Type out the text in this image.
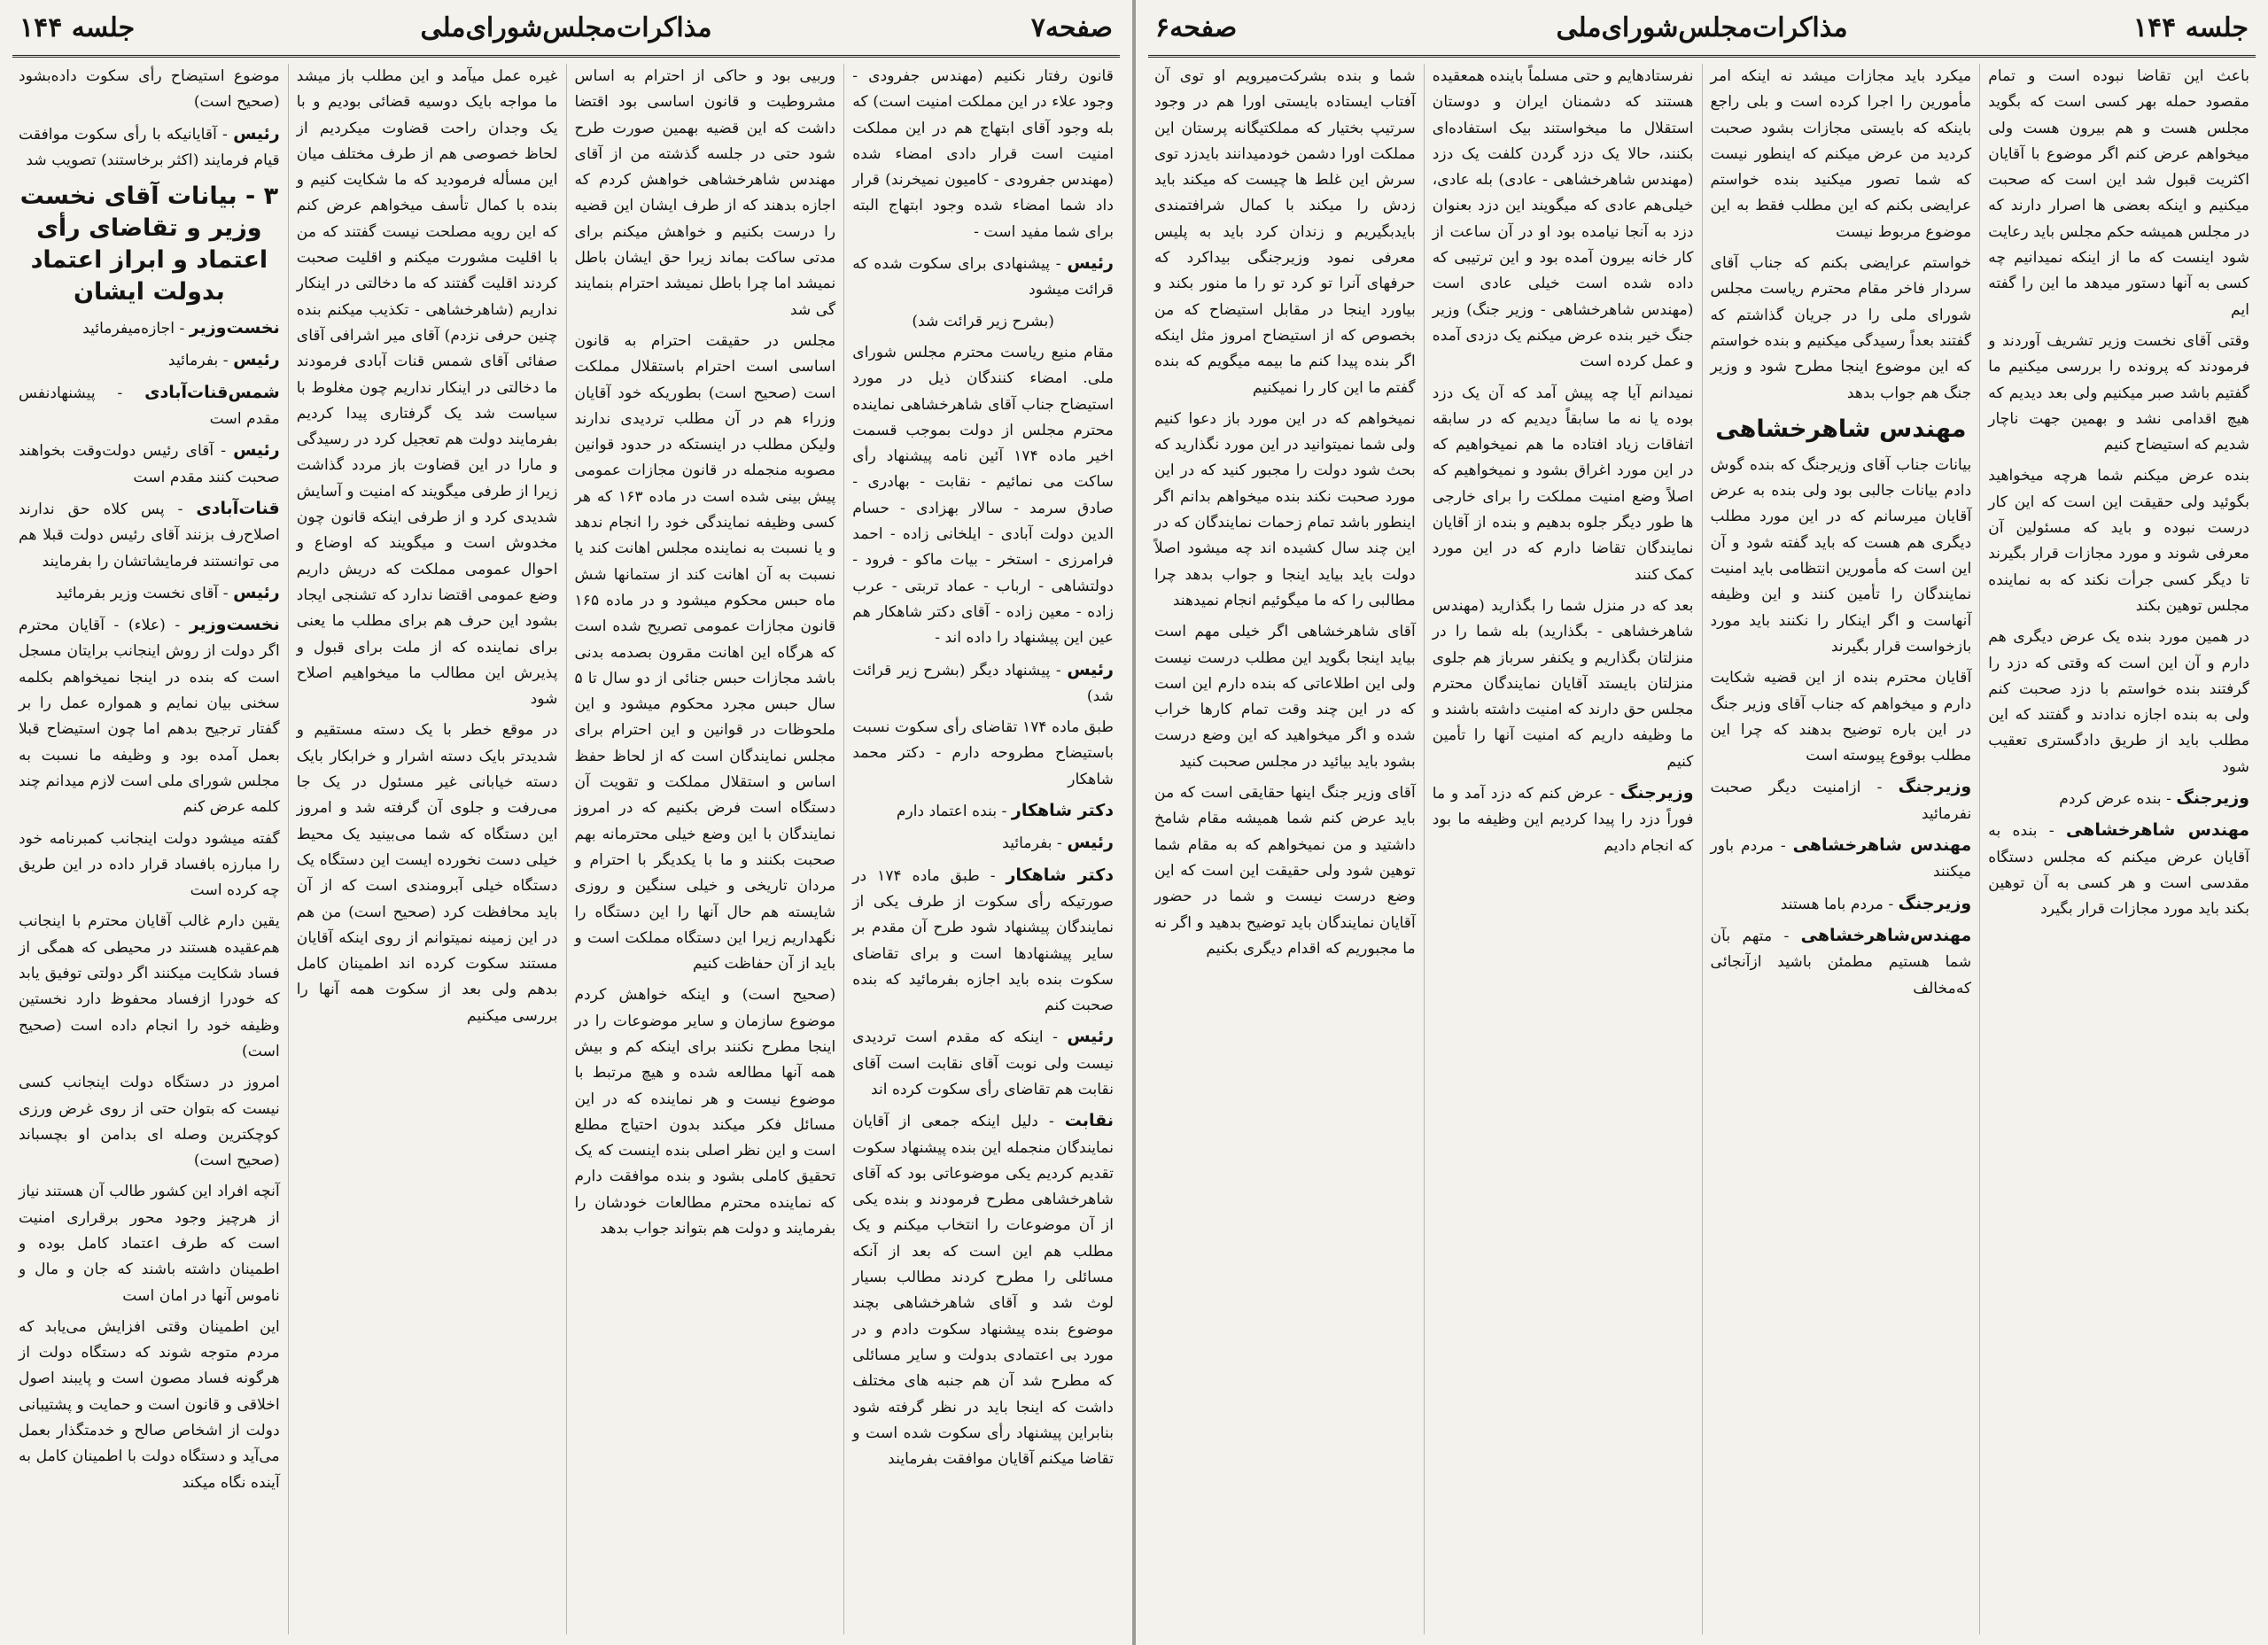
جلسه ۱۴۴	مذاکرات‌مجلس‌شورای‌ملی	صفحه۷

قانون رفتار نکنیم (مهندس جفرودی - وجود علاء در این مملکت امنیت است) که بله وجود آقای ابتهاج هم در این مملکت امنیت است قرار دادی امضاء شده (مهندس جفرودی - کامیون نمیخرند) قرار داد شما امضاء شده وجود ابتهاج البته برای شما مفید است -

رئیس - پیشنهادی برای سکوت شده که قرائت میشود

(بشرح زیر قرائت شد)

مقام منیع ریاست محترم مجلس شورای ملی. امضاء کنندگان ذیل در مورد استیضاح جناب آقای شاهرخشاهی نماینده محترم مجلس از دولت بموجب قسمت اخیر ماده ۱۷۴ آئین نامه پیشنهاد رأی ساکت می نمائیم - نقابت - بهادری - صادق سرمد - سالار بهزادی - حسام الدین دولت آبادی - ایلخانی زاده - احمد فرامرزی - استخر - بیات ماکو - فرود - دولتشاهی - ارباب - عماد تربتی - عرب زاده - معین زاده - آقای دکتر شاهکار هم عین این پیشنهاد را داده اند -

رئیس - پیشنهاد دیگر (بشرح زیر قرائت شد)

طبق ماده ۱۷۴ تقاضای رأی سکوت نسبت باستیضاح مطروحه دارم - دکتر محمد شاهکار

دکتر شاهکار - بنده اعتماد دارم

رئیس - بفرمائید

دکتر شاهکار - طبق ماده ۱۷۴ در صورتیکه رأی سکوت از طرف یکی از نمایندگان پیشنهاد شود طرح آن مقدم بر سایر پیشنهادها است و برای تقاضای سکوت بنده باید اجازه بفرمائید که بنده صحبت کنم

رئیس - اینکه که مقدم است تردیدی نیست ولی نوبت آقای نقابت است آقای نقابت هم تقاضای رأی سکوت کرده اند

نقابت - دلیل اینکه جمعی از آقایان نمایندگان منجمله این بنده پیشنهاد سکوت تقدیم کردیم یکی موضوعاتی بود که آقای شاهرخشاهی مطرح فرمودند و بنده یکی از آن موضوعات را انتخاب میکنم و یک مطلب هم این است که بعد از آنکه مسائلی را مطرح کردند مطالب بسیار لوث شد و آقای شاهرخشاهی بچند موضوع بنده پیشنهاد سکوت دادم و در مورد بی اعتمادی بدولت و سایر مسائلی که مطرح شد آن هم جنبه های مختلف داشت که اینجا باید در نظر گرفته شود بنابراین پیشنهاد رأی سکوت شده است و تقاضا میکنم آقایان موافقت بفرمایند

وربیی بود و حاکی از احترام به اساس مشروطیت و قانون اساسی بود اقتضا داشت که این قضیه بهمین صورت طرح شود حتی در جلسه گذشته من از آقای مهندس شاهرخشاهی خواهش کردم که اجازه بدهند که از طرف ایشان این قضیه را درست بکنیم و خواهش میکنم برای مدتی ساکت بماند زیرا حق ایشان باطل نمیشد اما چرا باطل نمیشد احترام بنمایند گی شد

مجلس در حقیقت احترام به قانون اساسی است احترام باستقلال مملکت است (صحیح است) بطوریکه خود آقایان وزراء هم در آن مطلب تردیدی ندارند ولیکن مطلب در اینستکه در حدود قوانین مصوبه منجمله در قانون مجازات عمومی پیش بینی شده است در ماده ۱۶۳ که هر کسی وظیفه نمایندگی خود را انجام ندهد و یا نسبت به نماینده مجلس اهانت کند یا نسبت به آن اهانت کند از ستمانها شش ماه حبس محکوم میشود و در ماده ۱۶۵ قانون مجازات عمومی تصریح شده است که هرگاه این اهانت مقرون بصدمه بدنی باشد مجازات حبس جنائی از دو سال تا ۵ سال حبس مجرد محکوم میشود و این ملحوظات در قوانین و این احترام برای مجلس نمایندگان است که از لحاظ حفظ اساس و استقلال مملکت و تقویت آن دستگاه است فرض بکنیم که در امروز نمایندگان با این وضع خیلی محترمانه بهم صحبت بکنند و ما با یکدیگر با احترام و مردان تاریخی و خیلی سنگین و روزی شایسته هم حال آنها را این دستگاه را نگهداریم زیرا این دستگاه مملکت است و باید از آن حفاظت کنیم

(صحیح است) و اینکه خواهش کردم موضوع سازمان و سایر موضوعات را در اینجا مطرح نکنند برای اینکه کم و بیش همه آنها مطالعه شده و هیچ مرتبط با موضوع نیست و هر نماینده که در این مسائل فکر میکند بدون احتیاج مطلع است و این نظر اصلی بنده اینست که یک تحقیق کاملی بشود و بنده موافقت دارم که نماینده محترم مطالعات خودشان را بفرمایند و دولت هم بتواند جواب بدهد

غیره عمل میآمد و این مطلب باز میشد ما مواجه بایک دوسیه قضائی بودیم و با یک وجدان راحت قضاوت میکردیم از لحاظ خصوصی هم از طرف مختلف میان این مسأله فرمودید که ما شکایت کنیم و بنده با کمال تأسف میخواهم عرض کنم که این رویه مصلحت نیست گفتند که من با اقلیت مشورت میکنم و اقلیت صحبت کردند اقلیت گفتند که ما دخالتی در اینکار نداریم (شاهرخشاهی - تکذیب میکنم بنده چنین حرفی نزدم) آقای میر اشرافی آقای صفائی آقای شمس قنات آبادی فرمودند ما دخالتی در اینکار نداریم چون مغلوط با سیاست شد یک گرفتاری پیدا کردیم بفرمایند دولت هم تعجیل کرد در رسیدگی و مارا در این قضاوت باز مردد گذاشت زیرا از طرفی میگویند که امنیت و آسایش شدیدی کرد و از طرفی اینکه قانون چون مخدوش است و میگویند که اوضاع و احوال عمومی مملکت که دریش داریم وضع عمومی اقتضا ندارد که تشنجی ایجاد بشود این حرف هم برای مطلب ما یعنی برای نماینده که از ملت برای قبول و پذیرش این مطالب ما میخواهیم اصلاح شود

در موقع خطر با یک دسته مستقیم و شدیدتر بایک دسته اشرار و خرابکار بایک دسته خیابانی غیر مسئول در یک جا می‌رفت و جلوی آن گرفته شد و امروز این دستگاه که شما می‌بینید یک محیط خیلی دست نخورده ایست این دستگاه یک دستگاه خیلی آبرومندی است که از آن باید محافظت کرد (صحیح است) من هم در این زمینه نمیتوانم از روی اینکه آقایان مستند سکوت کرده اند اطمینان کامل بدهم ولی بعد از سکوت همه آنها را بررسی میکنیم

موضوع استیضاح رأی سکوت داده‌بشود (صحیح است)

رئیس - آقایانیکه با رأی سکوت موافقت قیام فرمایند (اکثر برخاستند) تصویب شد

۳ - بیانات آقای نخست وزیر و تقاضای رأی اعتماد و ابراز اعتماد بدولت ایشان

نخست‌وزیر - اجازه‌میفرمائید

رئیس - بفرمائید

شمس‌قنات‌آبادی - پیشنهاد‌نفس مقدم است

رئیس - آقای رئیس دولت‌وقت بخواهند صحبت کنند مقدم است

قنات‌آبادی - پس کلاه حق ندارند اصلاح‌رف بزنند آقای رئیس دولت قبلا هم می توانستند فرمایشاتشان را بفرمایند

رئیس - آقای نخست وزیر بفرمائید

نخست‌وزیر - (علاء) - آقایان محترم اگر دولت از روش اینجانب برایتان مسجل است که بنده در اینجا نمیخواهم بکلمه سخنی بیان نمایم و همواره عمل را بر گفتار ترجیح بدهم اما چون استیضاح قبلا بعمل آمده بود و وظیفه ما نسبت به مجلس شورای ملی است لازم میدانم چند کلمه عرض کنم

گفته میشود دولت اینجانب کمبرنامه خود را مبارزه بافساد قرار داده در این طریق چه کرده است

یقین دارم غالب آقایان محترم با اینجانب هم‌عقیده هستند در محیطی که همگی از فساد شکایت میکنند اگر دولتی توفیق یابد که خودرا ازفساد محفوظ دارد نخستین وظیفه خود را انجام داده است (صحیح است)

امروز در دستگاه دولت اینجانب کسی نیست که بتوان حتی از روی غرض ورزی کوچکترین وصله ای بدامن او بچسباند (صحیح است)

آنچه افراد این کشور طالب آن هستند نیاز از هرچیز وجود محور برقراری امنیت است که طرف اعتماد کامل بوده و اطمینان داشته باشند که جان و مال و ناموس آنها در امان است

این اطمینان وقتی افزایش می‌یابد که مردم متوجه شوند که دستگاه دولت از هرگونه فساد مصون است و پایبند اصول اخلاقی و قانون است و حمایت و پشتیبانی دولت از اشخاص صالح و خدمتگذار بعمل می‌آید و دستگاه دولت با اطمینان کامل به آینده نگاه میکند

صفحه۶	مذاکرات‌مجلس‌شورای‌ملی	جلسه ۱۴۴

باعث این تقاضا نبوده است و تمام مقصود حمله بهر کسی است که بگوید مجلس هست و هم بیرون هست ولی میخواهم عرض کنم اگر موضوع با آقایان اکثریت قبول شد این است که صحبت میکنیم و اینکه بعضی ها اصرار دارند که در مجلس همیشه حکم مجلس باید رعایت شود اینست که ما از اینکه نمیدانیم چه کسی به آنها دستور میدهد ما این را گفته ایم

وقتی آقای نخست وزیر تشریف آوردند و فرمودند که پرونده را بررسی میکنیم ما گفتیم باشد صبر میکنیم ولی بعد دیدیم که هیچ اقدامی نشد و بهمین جهت ناچار شدیم که استیضاح کنیم

بنده عرض میکنم شما هرچه میخواهید بگوئید ولی حقیقت این است که این کار درست نبوده و باید که مسئولین آن معرفی شوند و مورد مجازات قرار بگیرند تا دیگر کسی جرأت نکند که به نماینده مجلس توهین بکند

در همین مورد بنده یک عرض دیگری هم دارم و آن این است که وقتی که دزد را گرفتند بنده خواستم با دزد صحبت کنم ولی به بنده اجازه ندادند و گفتند که این مطلب باید از طریق دادگستری تعقیب شود

وزیرجنگ - بنده عرض کردم

مهندس شاهرخشاهی - بنده به آقایان عرض میکنم که مجلس دستگاه مقدسی است و هر کسی به آن توهین بکند باید مورد مجازات قرار بگیرد

میکرد باید مجازات میشد نه اینکه امر مأمورین را اجرا کرده است و بلی راجع باینکه که بایستی مجازات بشود صحبت کردید من عرض میکنم که اینطور نیست که شما تصور میکنید بنده خواستم عرایضی بکنم که این مطلب فقط به این موضوع مربوط نیست

خواستم عرایضی بکنم که جناب آقای سردار فاخر مقام محترم ریاست مجلس شورای ملی را در جریان گذاشتم که گفتند بعداً رسیدگی میکنیم و بنده خواستم که این موضوع اینجا مطرح شود و وزیر جنگ هم جواب بدهد

مهندس شاهرخشاهی

بیانات جناب آقای وزیرجنگ که بنده گوش دادم بیانات جالبی بود ولی بنده به عرض آقایان میرسانم که در این مورد مطلب دیگری هم هست که باید گفته شود و آن این است که مأمورین انتظامی باید امنیت نمایندگان را تأمین کنند و این وظیفه آنهاست و اگر اینکار را نکنند باید مورد بازخواست قرار بگیرند

آقایان محترم بنده از این قضیه شکایت دارم و میخواهم که جناب آقای وزیر جنگ در این باره توضیح بدهند که چرا این مطلب بوقوع پیوسته است

وزیرجنگ - ازامنیت دیگر صحبت نفرمائید

مهندس شاهرخشاهی - مردم باور میکنند

وزیرجنگ - مردم باما هستند

مهندس‌شاهرخشاهی - متهم بآن شما هستیم مطمئن باشید ازآنجائی که‌مخالف

نفرستادهایم و حتی مسلماً باینده همعقیده هستند که دشمنان ایران و دوستان استقلال ما میخواستند بیک استفاده‌ای بکنند، حالا یک دزد گردن کلفت یک دزد (مهندس شاهرخشاهی - عادی) بله عادی، خیلی‌هم عادی که میگویند این دزد بعنوان دزد به آنجا نیامده بود او در آن ساعت از کار خانه بیرون آمده بود و این ترتیبی که داده شده است خیلی عادی است (مهندس شاهرخشاهی - وزیر جنگ) وزیر جنگ خیر بنده عرض میکنم یک دزدی آمده و عمل کرده است

نمیدانم آیا چه پیش آمد که آن یک دزد بوده یا نه ما سابقاً دیدیم که در سابقه اتفاقات زیاد افتاده ما هم نمیخواهیم که در این مورد اغراق بشود و نمیخواهیم که اصلاً وضع امنیت مملکت را برای خارجی ها طور دیگر جلوه بدهیم و بنده از آقایان نمایندگان تقاضا دارم که در این مورد کمک کنند

بعد که در منزل شما را بگذارید (مهندس شاهرخشاهی - بگذارید) بله شما را در منزلتان بگذاریم و یکنفر سرباز هم جلوی منزلتان بایستد آقایان نمایندگان محترم مجلس حق دارند که امنیت داشته باشند و ما وظیفه داریم که امنیت آنها را تأمین کنیم

وزیرجنگ - عرض کنم که دزد آمد و ما فوراً دزد را پیدا کردیم این وظیفه ما بود که انجام دادیم

شما و بنده بشرکت‌میرویم او توی آن آفتاب ایستاده بایستی اورا هم در وجود سرتیپ بختیار که مملکتیگانه پرستان این مملکت اورا دشمن خودمیدانند بایدزد توی سرش این غلط ها چیست که میکند باید زدش را میکند با کمال شرافتمندی بایدبگیریم و زندان کرد باید به پلیس معرفی نمود وزیرجنگی بیداکرد که حرفهای آنرا تو کرد تو را ما منور بکند و بیاورد اینجا در مقابل استیضاح که من بخصوص که از استیضاح امروز مثل اینکه اگر بنده پیدا کنم ما بیمه میگویم که بنده گفتم ما این کار را نمیکنیم

نمیخواهم که در این مورد باز دعوا کنیم ولی شما نمیتوانید در این مورد نگذارید که بحث شود دولت را مجبور کنید که در این مورد صحبت نکند بنده میخواهم بدانم اگر اینطور باشد تمام زحمات نمایندگان که در این چند سال کشیده اند چه میشود اصلاً دولت باید بیاید اینجا و جواب بدهد چرا مطالبی را که ما میگوئیم انجام نمیدهند

آقای شاهرخشاهی اگر خیلی مهم است بیاید اینجا بگوید این مطلب درست نیست ولی این اطلاعاتی که بنده دارم این است که در این چند وقت تمام کارها خراب شده و اگر میخواهید که این وضع درست بشود باید بیائید در مجلس صحبت کنید

آقای وزیر جنگ اینها حقایقی است که من باید عرض کنم شما همیشه مقام شامخ داشتید و من نمیخواهم که به مقام شما توهین شود ولی حقیقت این است که این وضع درست نیست و شما در حضور آقایان نمایندگان باید توضیح بدهید و اگر نه ما مجبوریم که اقدام دیگری بکنیم
